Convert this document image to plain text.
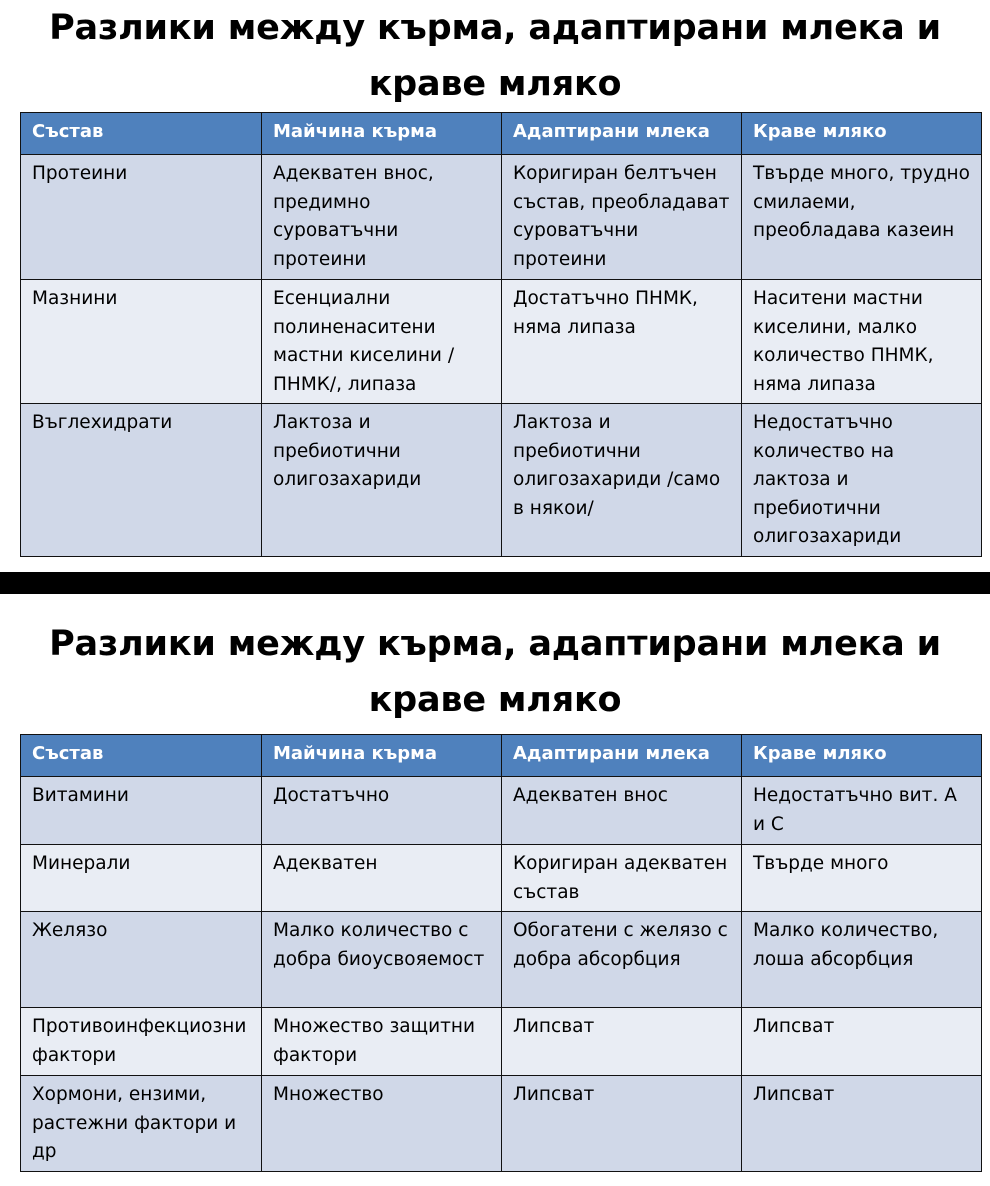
Разлики между кърма, адаптирани млека и краве мляко
Състав	Майчина кърма	Адаптирани млека	Краве мляко
Протеини	Адекватен внос, предимно суроватъчни протеини	Коригиран белтъчен състав, преобладават суроватъчни протеини	Твърде много, трудно смилаеми, преобладава казеин
Мазнини	Есенциални полиненаситени мастни киселини /ПНМК/, липаза	Достатъчно ПНМК, няма липаза	Наситени мастни киселини, малко количество ПНМК, няма липаза
Въглехидрати	Лактоза и пребиотични олигозахариди	Лактоза и пребиотични олигозахариди /само в някои/	Недостатъчно количество на лактоза и пребиотични олигозахариди
Разлики между кърма, адаптирани млека и краве мляко
Състав	Майчина кърма	Адаптирани млека	Краве мляко
Витамини	Достатъчно	Адекватен внос	Недостатъчно вит. А и С
Минерали	Адекватен	Коригиран адекватен състав	Твърде много
Желязо	Малко количество с добра биоусвояемост	Обогатени с желязо с добра абсорбция	Малко количество, лоша абсорбция
Противоинфекциозни фактори	Множество защитни фактори	Липсват	Липсват
Хормони, ензими, растежни фактори и др	Множество	Липсват	Липсват
